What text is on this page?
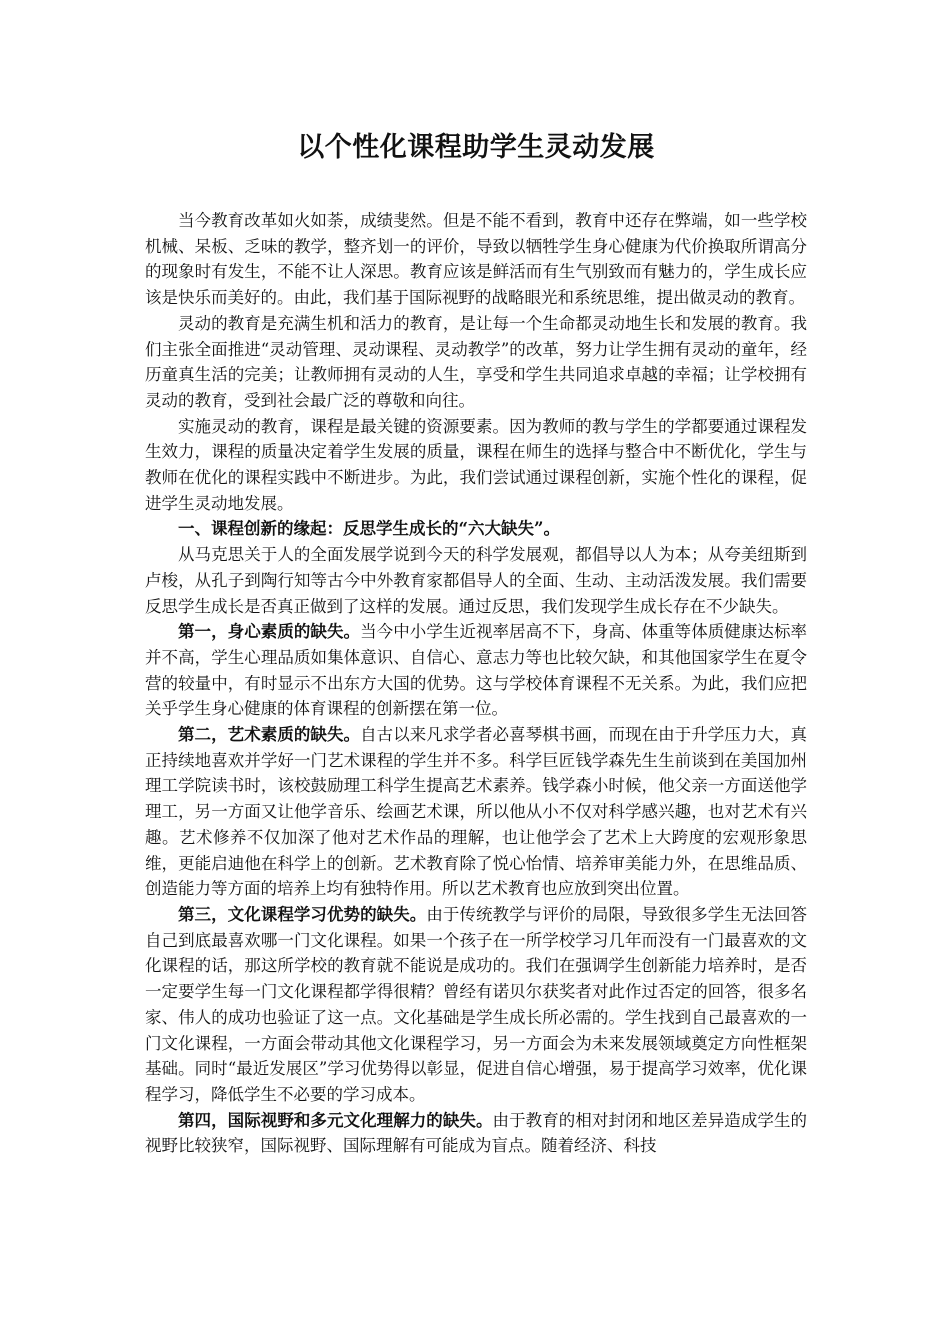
以个性化课程助学生灵动发展

当今教育改革如火如荼，成绩斐然。但是不能不看到，教育中还存在弊端，如一些学校机械、呆板、乏味的教学，整齐划一的评价，导致以牺牲学生身心健康为代价换取所谓高分的现象时有发生，不能不让人深思。教育应该是鲜活而有生气别致而有魅力的，学生成长应该是快乐而美好的。由此，我们基于国际视野的战略眼光和系统思维，提出做灵动的教育。

灵动的教育是充满生机和活力的教育，是让每一个生命都灵动地生长和发展的教育。我们主张全面推进“灵动管理、灵动课程、灵动教学”的改革，努力让学生拥有灵动的童年，经历童真生活的完美；让教师拥有灵动的人生，享受和学生共同追求卓越的幸福；让学校拥有灵动的教育，受到社会最广泛的尊敬和向往。

实施灵动的教育，课程是最关键的资源要素。因为教师的教与学生的学都要通过课程发生效力，课程的质量决定着学生发展的质量，课程在师生的选择与整合中不断优化，学生与教师在优化的课程实践中不断进步。为此，我们尝试通过课程创新，实施个性化的课程，促进学生灵动地发展。

一、课程创新的缘起：反思学生成长的“六大缺失”。

从马克思关于人的全面发展学说到今天的科学发展观，都倡导以人为本；从夸美纽斯到卢梭，从孔子到陶行知等古今中外教育家都倡导人的全面、生动、主动活泼发展。我们需要反思学生成长是否真正做到了这样的发展。通过反思，我们发现学生成长存在不少缺失。

第一，身心素质的缺失。当今中小学生近视率居高不下，身高、体重等体质健康达标率并不高，学生心理品质如集体意识、自信心、意志力等也比较欠缺，和其他国家学生在夏令营的较量中，有时显示不出东方大国的优势。这与学校体育课程不无关系。为此，我们应把关乎学生身心健康的体育课程的创新摆在第一位。

第二，艺术素质的缺失。自古以来凡求学者必喜琴棋书画，而现在由于升学压力大，真正持续地喜欢并学好一门艺术课程的学生并不多。科学巨匠钱学森先生生前谈到在美国加州理工学院读书时，该校鼓励理工科学生提高艺术素养。钱学森小时候，他父亲一方面送他学理工，另一方面又让他学音乐、绘画艺术课，所以他从小不仅对科学感兴趣，也对艺术有兴趣。艺术修养不仅加深了他对艺术作品的理解，也让他学会了艺术上大跨度的宏观形象思维，更能启迪他在科学上的创新。艺术教育除了悦心怡情、培养审美能力外，在思维品质、创造能力等方面的培养上均有独特作用。所以艺术教育也应放到突出位置。

第三，文化课程学习优势的缺失。由于传统教学与评价的局限，导致很多学生无法回答自己到底最喜欢哪一门文化课程。如果一个孩子在一所学校学习几年而没有一门最喜欢的文化课程的话，那这所学校的教育就不能说是成功的。我们在强调学生创新能力培养时，是否一定要学生每一门文化课程都学得很精？曾经有诺贝尔获奖者对此作过否定的回答，很多名家、伟人的成功也验证了这一点。文化基础是学生成长所必需的。学生找到自己最喜欢的一门文化课程，一方面会带动其他文化课程学习，另一方面会为未来发展领域奠定方向性框架基础。同时“最近发展区”学习优势得以彰显，促进自信心增强，易于提高学习效率，优化课程学习，降低学生不必要的学习成本。

第四，国际视野和多元文化理解力的缺失。由于教育的相对封闭和地区差异造成学生的视野比较狭窄，国际视野、国际理解有可能成为盲点。随着经济、科技
